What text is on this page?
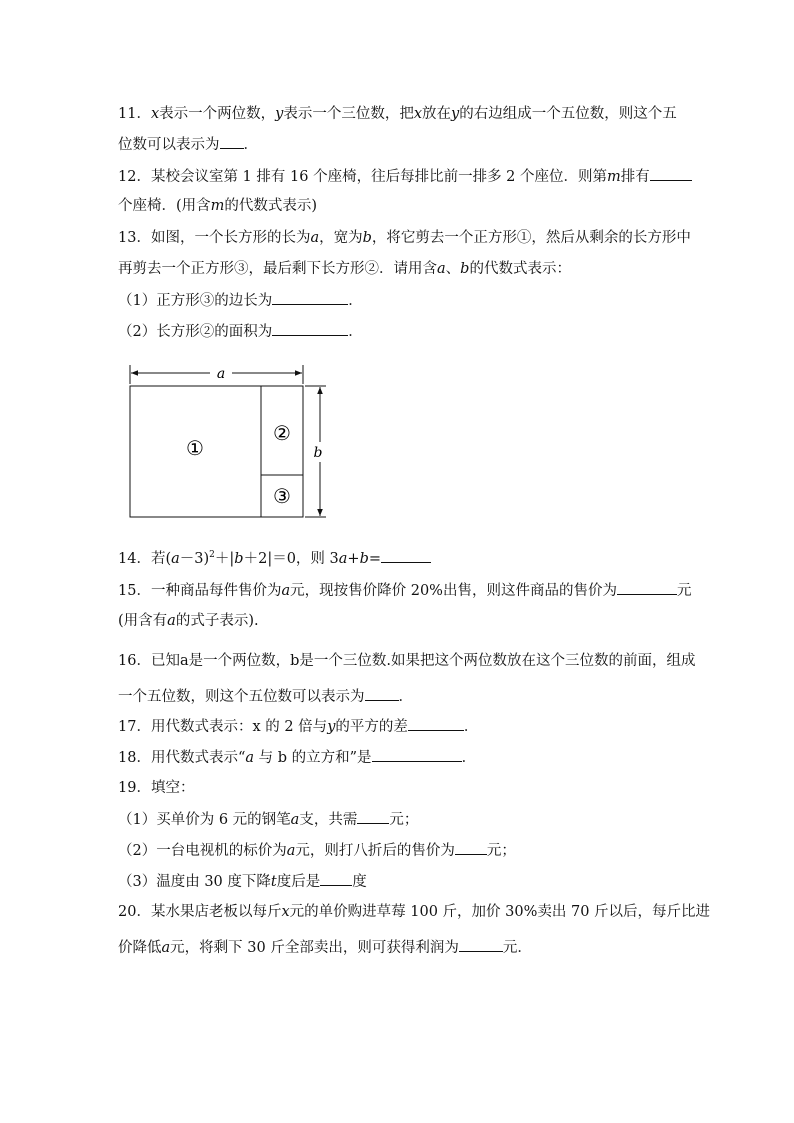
11．x表示一个两位数，y表示一个三位数，把x放在y的右边组成一个五位数，则这个五
位数可以表示为 ．
12．某校会议室第 1 排有 16 个座椅，往后每排比前一排多 2 个座位．则第m排有
个座椅．(用含m的代数式表示)
13．如图，一个长方形的长为a，宽为b，将它剪去一个正方形①，然后从剩余的长方形中
再剪去一个正方形③，最后剩下长方形②．请用含a、b的代数式表示：
（1）正方形③的边长为	．
（2）长方形②的面积为	．
a
①
②
③
b
14．若$(a-3)^2+|b+2|=0$，则 3a+b=
15．一种商品每件售价为a元，现按售价降价 20%出售，则这件商品的售价为	元
(用含有a的式子表示).
16．已知a是一个两位数，b是一个三位数.如果把这个两位数放在这个三位数的前面，组成
一个五位数，则这个五位数可以表示为 ．
17．用代数式表示：x 的 2 倍与y的平方的差	．
18．用代数式表示“a 与 b 的立方和”是	．
19．填空：
（1）买单价为 6 元的钢笔a支，共需 元；
（2）一台电视机的标价为a元，则打八折后的售价为 元；
（3）温度由 30 度下降t度后是 度
20．某水果店老板以每斤x元的单价购进草莓 100 斤，加价 30%卖出 70 斤以后，每斤比进
价降低a元，将剩下 30 斤全部卖出，则可获得利润为	元．
